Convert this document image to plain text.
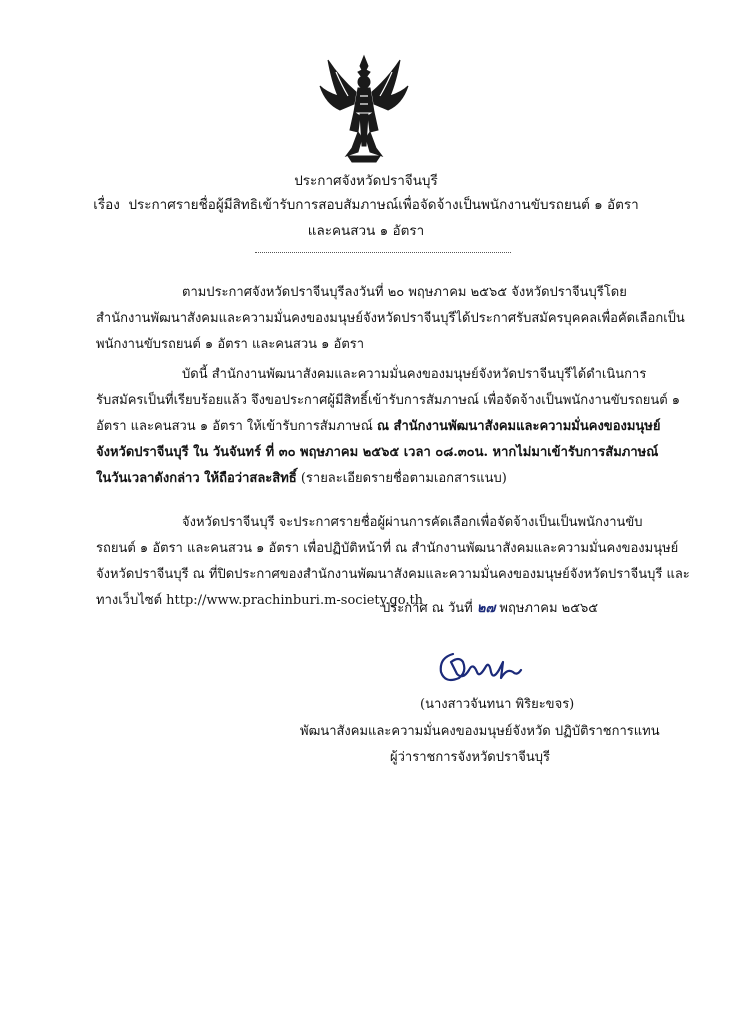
ประกาศจังหวัดปราจีนบุรี
เรื่อง ประกาศรายชื่อผู้มีสิทธิเข้ารับการสอบสัมภาษณ์เพื่อจัดจ้างเป็นพนักงานขับรถยนต์ ๑ อัตรา
และคนสวน ๑ อัตรา
ตามประกาศจังหวัดปราจีนบุรีลงวันที่ ๒๐ พฤษภาคม ๒๕๖๕ จังหวัดปราจีนบุรีโดย
สำนักงานพัฒนาสังคมและความมั่นคงของมนุษย์จังหวัดปราจีนบุรีได้ประกาศรับสมัครบุคคลเพื่อคัดเลือกเป็น
พนักงานขับรถยนต์ ๑ อัตรา และคนสวน ๑ อัตรา
บัดนี้ สำนักงานพัฒนาสังคมและความมั่นคงของมนุษย์จังหวัดปราจีนบุรีได้ดำเนินการ
รับสมัครเป็นที่เรียบร้อยแล้ว จึงขอประกาศผู้มีสิทธิ์เข้ารับการสัมภาษณ์ เพื่อจัดจ้างเป็นพนักงานขับรถยนต์ ๑
อัตรา และคนสวน ๑ อัตรา ให้เข้ารับการสัมภาษณ์ ณ สำนักงานพัฒนาสังคมและความมั่นคงของมนุษย์
จังหวัดปราจีนบุรี ใน วันจันทร์ ที่ ๓๐ พฤษภาคม ๒๕๖๕ เวลา ๐๘.๓๐น. หากไม่มาเข้ารับการสัมภาษณ์
ในวันเวลาดังกล่าว ให้ถือว่าสละสิทธิ์ (รายละเอียดรายชื่อตามเอกสารแนบ)
จังหวัดปราจีนบุรี จะประกาศรายชื่อผู้ผ่านการคัดเลือกเพื่อจัดจ้างเป็นเป็นพนักงานขับ
รถยนต์ ๑ อัตรา และคนสวน ๑ อัตรา เพื่อปฏิบัติหน้าที่ ณ สำนักงานพัฒนาสังคมและความมั่นคงของมนุษย์
จังหวัดปราจีนบุรี ณ ที่ปิดประกาศของสำนักงานพัฒนาสังคมและความมั่นคงของมนุษย์จังหวัดปราจีนบุรี และ
ทางเว็บไซต์ http://www.prachinburi.m-society.go.th
ประกาศ ณ วันที่ ๒๗ พฤษภาคม ๒๕๖๕
(นางสาวจันทนา พิริยะขจร)
พัฒนาสังคมและความมั่นคงของมนุษย์จังหวัด ปฏิบัติราชการแทน
ผู้ว่าราชการจังหวัดปราจีนบุรี
